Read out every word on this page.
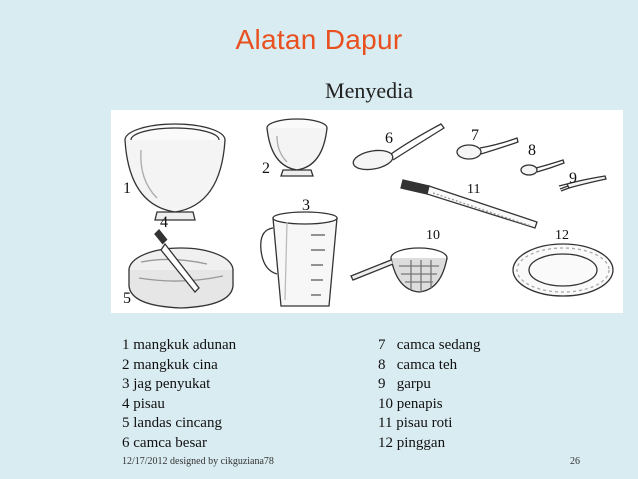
Alatan Dapur
Menyedia
1
2
3
4
5
6	7
8
9
10
11
12
1 mangkuk adunan
2 mangkuk cina
3 jag penyukat
4 pisau
5 landas cincang
6 camca besar
7   camca sedang
8   camca teh
9   garpu
10 penapis
11 pisau roti
12 pinggan
12/17/2012 designed by cikguziana78	26
